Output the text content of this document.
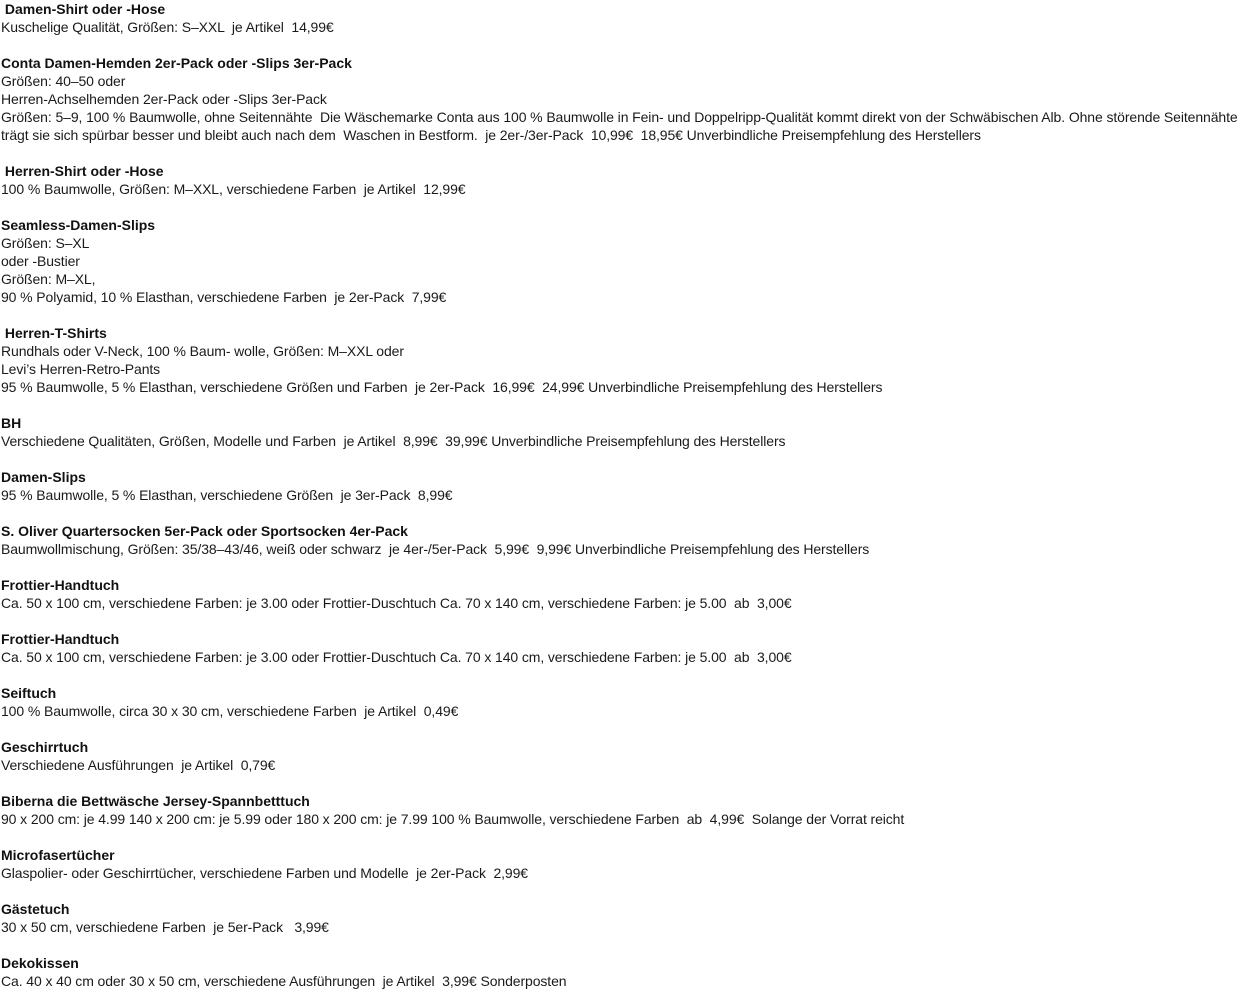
Damen-Shirt oder -Hose
Kuschelige Qualität, Größen: S–XXL  je Artikel  14,99€
Conta Damen-Hemden 2er-Pack oder -Slips 3er-Pack
Größen: 40–50 oder
Herren-Achselhemden 2er-Pack oder -Slips 3er-Pack
Größen: 5–9, 100 % Baumwolle, ohne Seitennähte  Die Wäschemarke Conta aus 100 % Baumwolle in Fein- und Doppelripp-Qualität kommt direkt von der Schwäbischen Alb. Ohne störende Seitennähte trägt sie sich spürbar besser und bleibt auch nach dem  Waschen in Bestform.  je 2er-/3er-Pack  10,99€  18,95€ Unverbindliche Preisempfehlung des Herstellers
Herren-Shirt oder -Hose
100 % Baumwolle, Größen: M–XXL, verschiedene Farben  je Artikel  12,99€
Seamless-Damen-Slips
Größen: S–XL
oder -Bustier
Größen: M–XL,
90 % Polyamid, 10 % Elasthan, verschiedene Farben  je 2er-Pack  7,99€
Herren-T-Shirts
Rundhals oder V-Neck, 100 % Baum- wolle, Größen: M–XXL oder
Levi’s Herren-Retro-Pants
95 % Baumwolle, 5 % Elasthan, verschiedene Größen und Farben  je 2er-Pack  16,99€  24,99€ Unverbindliche Preisempfehlung des Herstellers
BH
Verschiedene Qualitäten, Größen, Modelle und Farben  je Artikel  8,99€  39,99€ Unverbindliche Preisempfehlung des Herstellers
Damen-Slips
95 % Baumwolle, 5 % Elasthan, verschiedene Größen  je 3er-Pack  8,99€
S. Oliver Quartersocken 5er-Pack oder Sportsocken 4er-Pack
Baumwollmischung, Größen: 35/38–43/46, weiß oder schwarz  je 4er-/5er-Pack  5,99€  9,99€ Unverbindliche Preisempfehlung des Herstellers
Frottier-Handtuch
Ca. 50 x 100 cm, verschiedene Farben: je 3.00 oder Frottier-Duschtuch Ca. 70 x 140 cm, verschiedene Farben: je 5.00  ab  3,00€
Frottier-Handtuch
Ca. 50 x 100 cm, verschiedene Farben: je 3.00 oder Frottier-Duschtuch Ca. 70 x 140 cm, verschiedene Farben: je 5.00  ab  3,00€
Seiftuch
100 % Baumwolle, circa 30 x 30 cm, verschiedene Farben  je Artikel  0,49€
Geschirrtuch
Verschiedene Ausführungen  je Artikel  0,79€
Biberna die Bettwäsche Jersey-Spannbetttuch
90 x 200 cm: je 4.99 140 x 200 cm: je 5.99 oder 180 x 200 cm: je 7.99 100 % Baumwolle, verschiedene Farben  ab  4,99€  Solange der Vorrat reicht
Microfasertücher
Glaspolier- oder Geschirrtücher, verschiedene Farben und Modelle  je 2er-Pack  2,99€
Gästetuch
30 x 50 cm, verschiedene Farben  je 5er-Pack   3,99€
Dekokissen
Ca. 40 x 40 cm oder 30 x 50 cm, verschiedene Ausführungen  je Artikel  3,99€ Sonderposten
